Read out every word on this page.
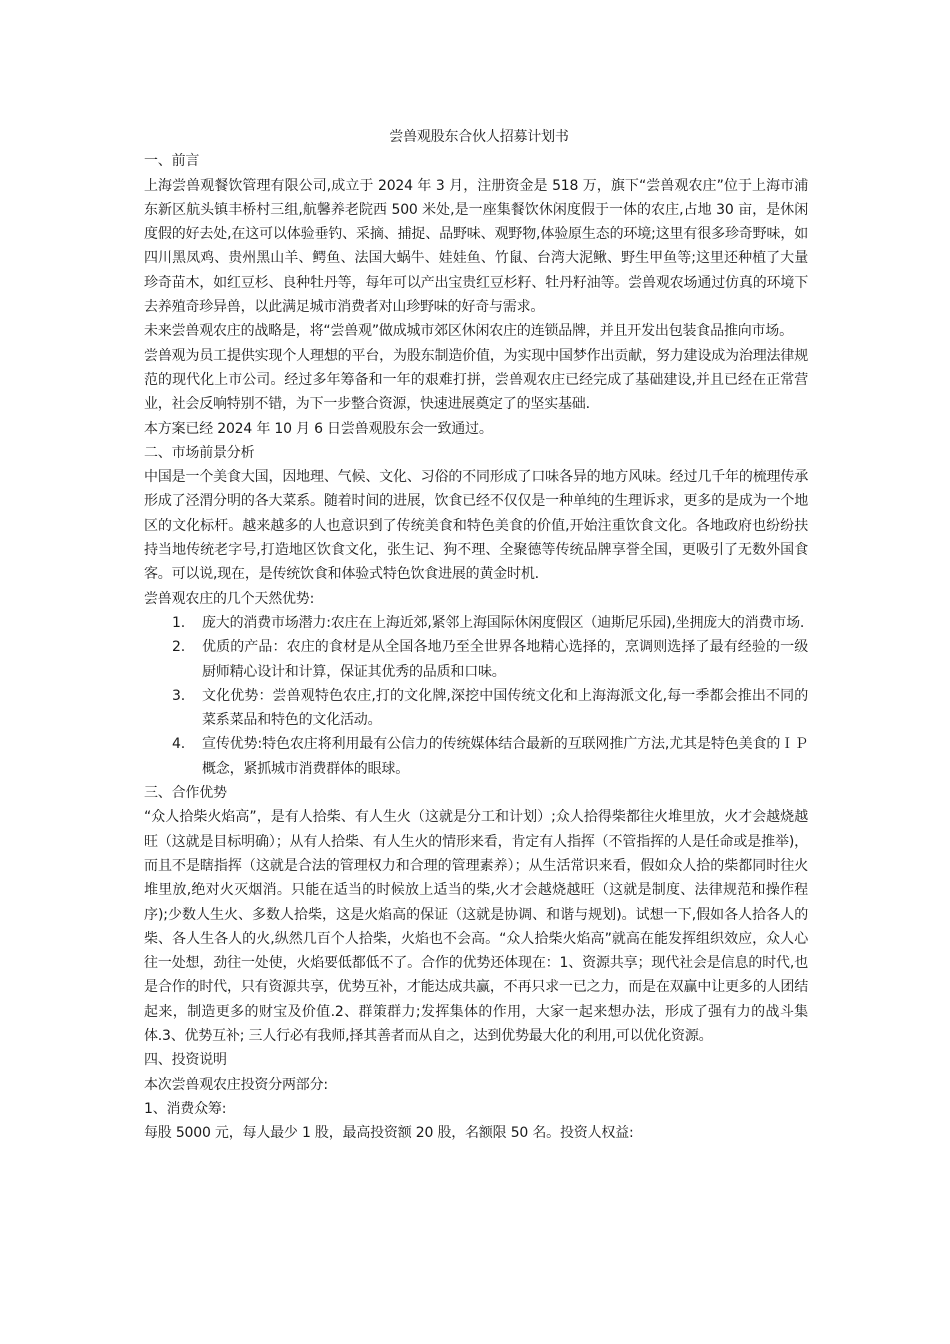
尝兽观股东合伙人招募计划书
一、前言

上海尝兽观餐饮管理有限公司,成立于 2024 年 3 月，注册资金是 518 万，旗下“尝兽观农庄”位于上海市浦东新区航头镇丰桥村三组,航馨养老院西 500 米处,是一座集餐饮休闲度假于一体的农庄,占地 30 亩，是休闲度假的好去处,在这可以体验垂钓、采摘、捕捉、品野味、观野物,体验原生态的环境;这里有很多珍奇野味，如四川黑凤鸡、贵州黑山羊、鳄鱼、法国大蜗牛、娃娃鱼、竹鼠、台湾大泥鳅、野生甲鱼等;这里还种植了大量珍奇苗木，如红豆杉、良种牡丹等，每年可以产出宝贵红豆杉籽、牡丹籽油等。尝兽观农场通过仿真的环境下去养殖奇珍异兽，以此满足城市消费者对山珍野味的好奇与需求。

未来尝兽观农庄的战略是，将“尝兽观”做成城市郊区休闲农庄的连锁品牌，并且开发出包装食品推向市场。

尝兽观为员工提供实现个人理想的平台，为股东制造价值，为实现中国梦作出贡献，努力建设成为治理法律规范的现代化上市公司。经过多年筹备和一年的艰难打拼，尝兽观农庄已经完成了基础建设,并且已经在正常营业，社会反响特别不错，为下一步整合资源，快速进展奠定了的坚实基础.

本方案已经 2024 年 10 月 6 日尝兽观股东会一致通过。

二、市场前景分析

中国是一个美食大国，因地理、气候、文化、习俗的不同形成了口味各异的地方风味。经过几千年的梳理传承形成了泾渭分明的各大菜系。随着时间的进展，饮食已经不仅仅是一种单纯的生理诉求，更多的是成为一个地区的文化标杆。越来越多的人也意识到了传统美食和特色美食的价值,开始注重饮食文化。各地政府也纷纷扶持当地传统老字号,打造地区饮食文化，张生记、狗不理、全聚德等传统品牌享誉全国，更吸引了无数外国食客。可以说,现在，是传统饮食和体验式特色饮食进展的黄金时机.

尝兽观农庄的几个天然优势:

1. 庞大的消费市场潜力:农庄在上海近郊,紧邻上海国际休闲度假区（迪斯尼乐园),坐拥庞大的消费市场.
2. 优质的产品：农庄的食材是从全国各地乃至全世界各地精心选择的，烹调则选择了最有经验的一级厨师精心设计和计算，保证其优秀的品质和口味。
3. 文化优势：尝兽观特色农庄,打的文化牌,深挖中国传统文化和上海海派文化,每一季都会推出不同的菜系菜品和特色的文化活动。
4. 宣传优势:特色农庄将利用最有公信力的传统媒体结合最新的互联网推广方法,尤其是特色美食的ＩＰ概念，紧抓城市消费群体的眼球。
三、合作优势

“众人拾柴火焰高”，是有人拾柴、有人生火（这就是分工和计划）;众人拾得柴都往火堆里放，火才会越烧越旺（这就是目标明确）；从有人拾柴、有人生火的情形来看，肯定有人指挥（不管指挥的人是任命或是推举)，而且不是瞎指挥（这就是合法的管理权力和合理的管理素养）；从生活常识来看，假如众人拾的柴都同时往火堆里放,绝对火灭烟消。只能在适当的时候放上适当的柴,火才会越烧越旺（这就是制度、法律规范和操作程序);少数人生火、多数人拾柴，这是火焰高的保证（这就是协调、和谐与规划)。试想一下,假如各人拾各人的柴、各人生各人的火,纵然几百个人拾柴，火焰也不会高。“众人拾柴火焰高”就高在能发挥组织效应，众人心往一处想，劲往一处使，火焰要低都低不了。合作的优势还体现在：1、资源共享；现代社会是信息的时代,也是合作的时代，只有资源共享，优势互补，才能达成共赢，不再只求一已之力，而是在双赢中让更多的人团结起来，制造更多的财宝及价值.2、群策群力;发挥集体的作用，大家一起来想办法，形成了强有力的战斗集体.3、优势互补; 三人行必有我师,择其善者而从自之，达到优势最大化的利用,可以优化资源。

四、投资说明

本次尝兽观农庄投资分两部分:

1、消费众筹:

每股 5000 元，每人最少 1 股，最高投资额 20 股，名额限 50 名。投资人权益:
